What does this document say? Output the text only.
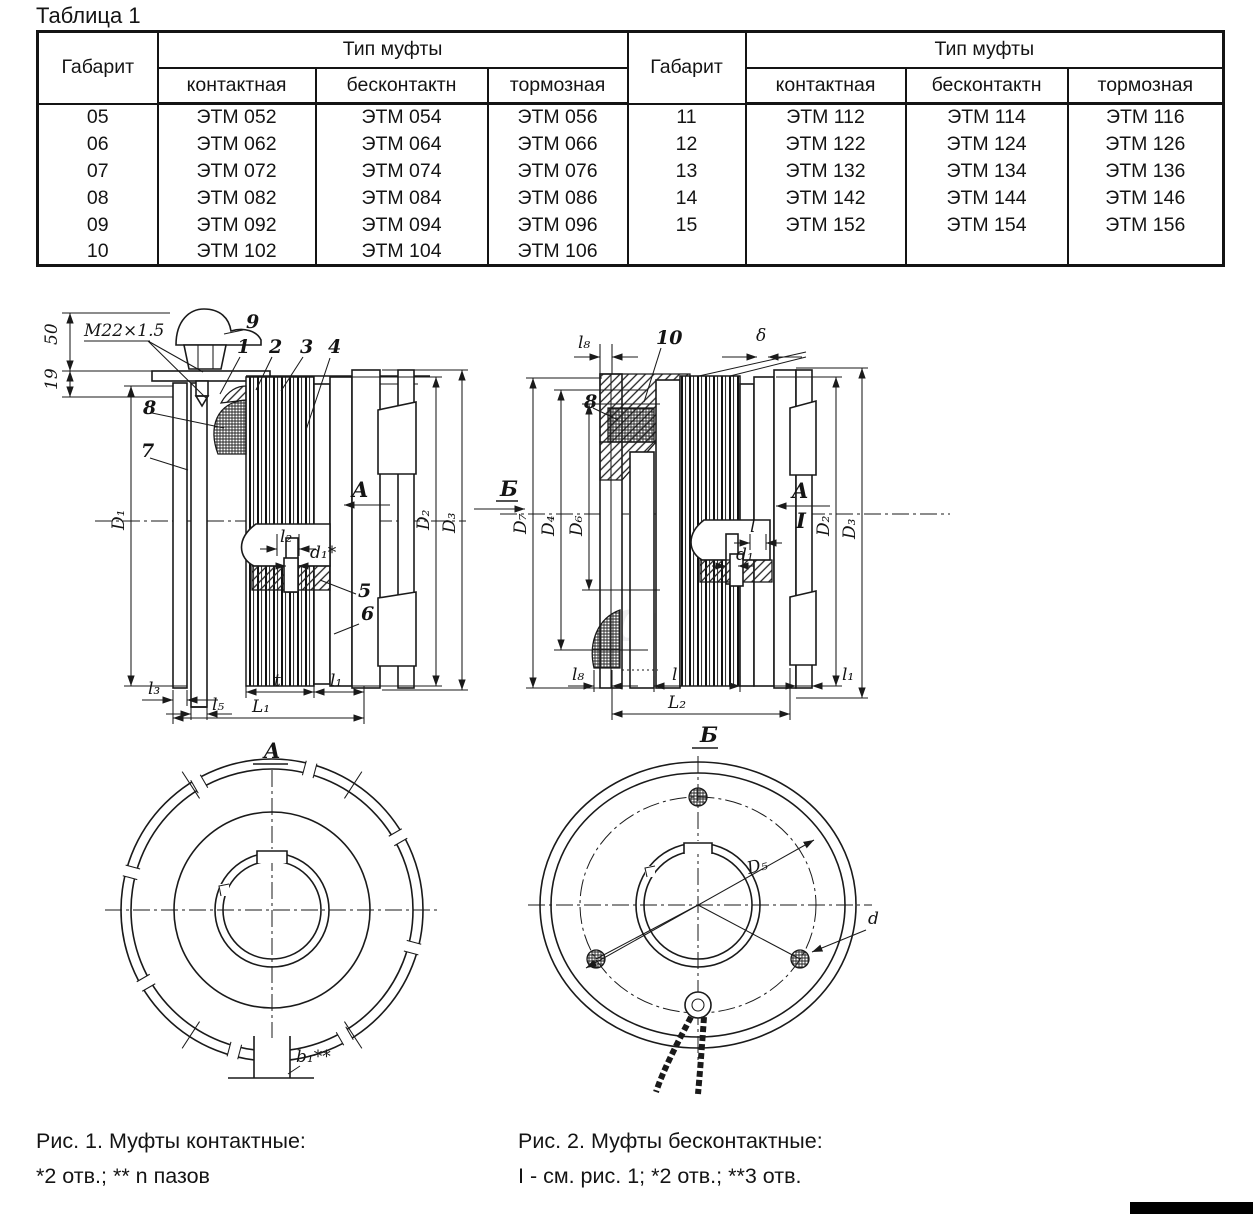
Таблица 1
Габарит	Тип муфты			Габарит	Тип муфты		
	контактная	бесконтактн	тормозная		контактная	бесконтактн	тормозная
05	ЭТМ 052	ЭТМ 054	ЭТМ 056	11	ЭТМ 112	ЭТМ 114	ЭТМ 116
06	ЭТМ 062	ЭТМ 064	ЭТМ 066	12	ЭТМ 122	ЭТМ 124	ЭТМ 126
07	ЭТМ 072	ЭТМ 074	ЭТМ 076	13	ЭТМ 132	ЭТМ 134	ЭТМ 136
08	ЭТМ 082	ЭТМ 084	ЭТМ 086	14	ЭТМ 142	ЭТМ 144	ЭТМ 146
09	ЭТМ 092	ЭТМ 094	ЭТМ 096	15	ЭТМ 152	ЭТМ 154	ЭТМ 156
10	ЭТМ 102	ЭТМ 104	ЭТМ 106				
50
19
M22×1.5	9
1 2 3 4
8
7
5
6
A
l₂
d₁*
D₁	D₂ D₃
l₃
l₅
t	l₁
L₁
A
l₈	10	δ
8
Б
D₇ D₄ D₆
A
I
l
d₁
D₂ D₃
l₈	l	l₁
L₂
Б
b₁**
D₅
d
Рис. 1. Муфты контактные:
*2 отв.; ** n пазов
Рис. 2. Муфты бесконтактные:
I - см. рис. 1; *2 отв.; **3 отв.
